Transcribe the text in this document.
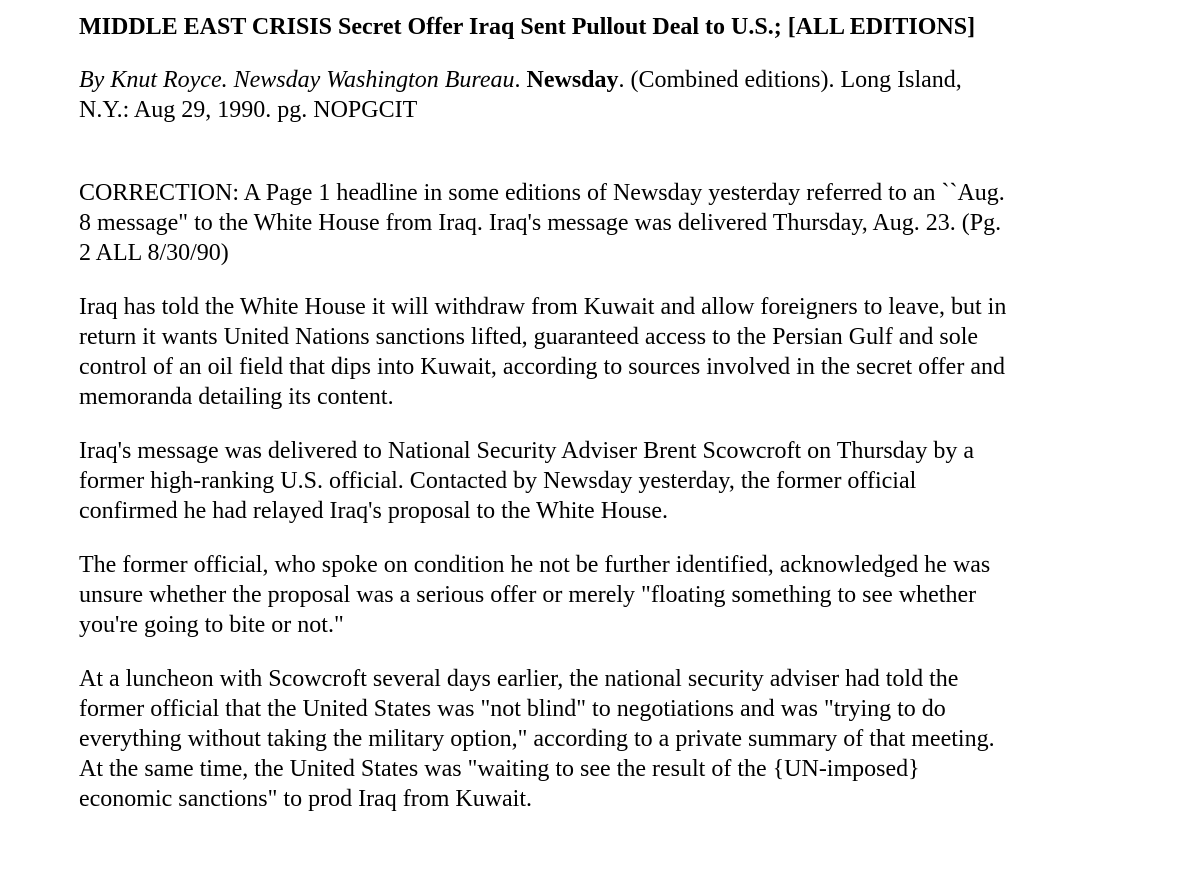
MIDDLE EAST CRISIS Secret Offer Iraq Sent Pullout Deal to U.S.; [ALL EDITIONS]
By Knut Royce. Newsday Washington Bureau. Newsday. (Combined editions). Long Island,
N.Y.: Aug 29, 1990. pg. NOPGCIT
CORRECTION: A Page 1 headline in some editions of Newsday yesterday referred to an ``Aug.
8 message" to the White House from Iraq. Iraq's message was delivered Thursday, Aug. 23. (Pg.
2 ALL 8/30/90)
Iraq has told the White House it will withdraw from Kuwait and allow foreigners to leave, but in
return it wants United Nations sanctions lifted, guaranteed access to the Persian Gulf and sole
control of an oil field that dips into Kuwait, according to sources involved in the secret offer and
memoranda detailing its content.
Iraq's message was delivered to National Security Adviser Brent Scowcroft on Thursday by a
former high-ranking U.S. official. Contacted by Newsday yesterday, the former official
confirmed he had relayed Iraq's proposal to the White House.
The former official, who spoke on condition he not be further identified, acknowledged he was
unsure whether the proposal was a serious offer or merely "floating something to see whether
you're going to bite or not."
At a luncheon with Scowcroft several days earlier, the national security adviser had told the
former official that the United States was "not blind" to negotiations and was "trying to do
everything without taking the military option," according to a private summary of that meeting.
At the same time, the United States was "waiting to see the result of the {UN-imposed}
economic sanctions" to prod Iraq from Kuwait.
